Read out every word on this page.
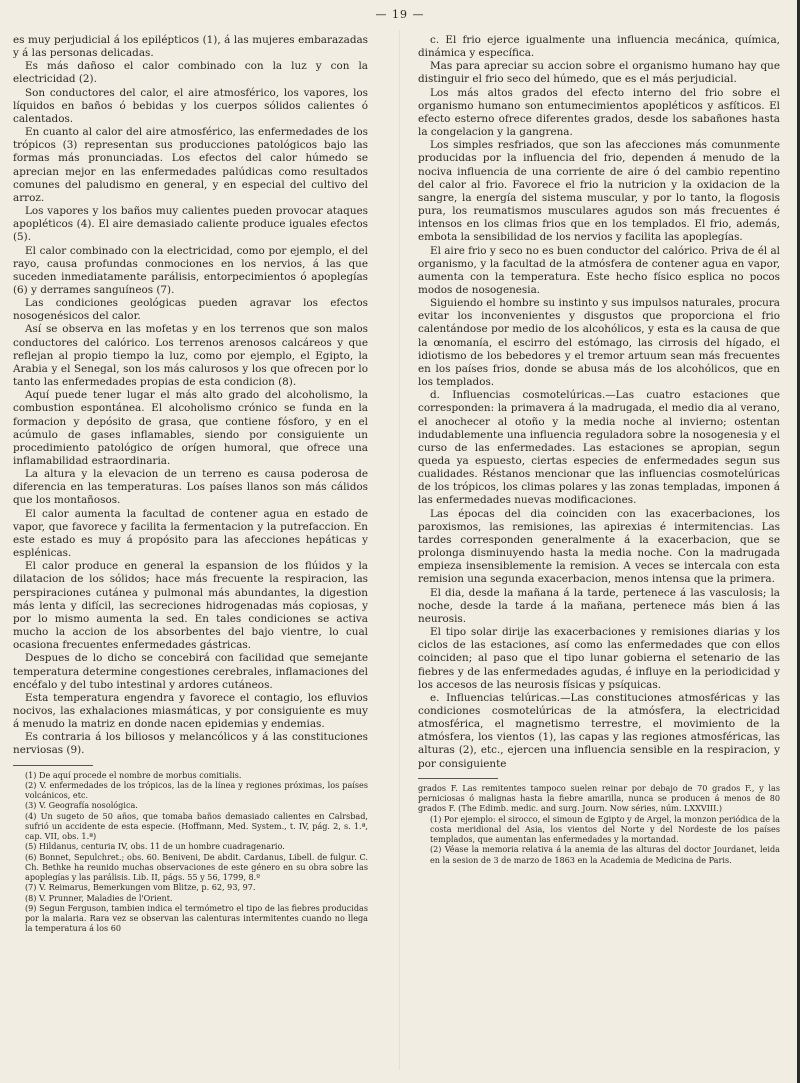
— 19 —

es muy perjudicial á los epilépticos (1), á las mujeres embarazadas y á las personas delicadas.

Es más dañoso el calor combinado con la luz y con la electricidad (2).

Son conductores del calor, el aire atmosférico, los vapores, los líquidos en baños ó bebidas y los cuerpos sólidos calientes ó calentados.

En cuanto al calor del aire atmosférico, las enfermedades de los trópicos (3) representan sus producciones patológicos bajo las formas más pronunciadas. Los efectos del calor húmedo se aprecian mejor en las enfermedades palúdicas como resultados comunes del paludismo en general, y en especial del cultivo del arroz.

Los vapores y los baños muy calientes pueden provocar ataques apopléticos (4). El aire demasiado caliente produce iguales efectos (5).

El calor combinado con la electricidad, como por ejemplo, el del rayo, causa profundas conmociones en los nervios, á las que suceden inmediatamente parálisis, entorpecimientos ó apoplegías (6) y derrames sanguíneos (7).

Las condiciones geológicas pueden agravar los efectos nosogenésicos del calor.

Así se observa en las mofetas y en los terrenos que son malos conductores del calórico. Los terrenos arenosos calcáreos y que reflejan al propio tiempo la luz, como por ejemplo, el Egipto, la Arabia y el Senegal, son los más calurosos y los que ofrecen por lo tanto las enfermedades propias de esta condicion (8).

Aquí puede tener lugar el más alto grado del alcoholismo, la combustion espontánea. El alcoholismo crónico se funda en la formacion y depósito de grasa, que contiene fósforo, y en el acúmulo de gases inflamables, siendo por consiguiente un procedimiento patológico de orígen humoral, que ofrece una inflamabilidad estraordinaria.

La altura y la elevacion de un terreno es causa poderosa de diferencia en las temperaturas. Los países llanos son más cálidos que los montañosos.

El calor aumenta la facultad de contener agua en estado de vapor, que favorece y facilita la fermentacion y la putrefaccion. En este estado es muy á propósito para las afecciones hepáticas y esplénicas.

El calor produce en general la espansion de los flúidos y la dilatacion de los sólidos; hace más frecuente la respiracion, las perspiraciones cutánea y pulmonal más abundantes, la digestion más lenta y difícil, las secreciones hidrogenadas más copiosas, y por lo mismo aumenta la sed. En tales condiciones se activa mucho la accion de los absorbentes del bajo vientre, lo cual ocasiona frecuentes enfermedades gástricas.

Despues de lo dicho se concebirá con facilidad que semejante temperatura determine congestiones cerebrales, inflamaciones del encéfalo y del tubo intestinal y ardores cutáneos.

Esta temperatura engendra y favorece el contagio, los efluvios nocivos, las exhalaciones miasmáticas, y por consiguiente es muy á menudo la matriz en donde nacen epidemias y endemias.

Es contraria á los biliosos y melancólicos y á las constituciones nerviosas (9).

(1) De aquí procede el nombre de morbus comitialis.

(2) V. enfermedades de los trópicos, las de la línea y regiones próximas, los países volcánicos, etc.

(3) V. Geografía nosológica.

(4) Un sugeto de 50 años, que tomaba baños demasiado calientes en Calrsbad, sufrió un accidente de esta especie. (Hoffmann, Med. System., t. IV, pág. 2, s. 1.ª, cap. VII, obs. 1.ª)

(5) Hildanus, centuria IV, obs. 11 de un hombre cuadragenario.

(6) Bonnet, Sepulchret.; obs. 60. Beniveni, De abdit. Cardanus, Libell. de fulgur. C. Ch. Bethke ha reunido muchas observaciones de este género en su obra sobre las apoplegías y las parálisis. Lib. II, págs. 55 y 56, 1799, 8.º

(7) V. Reimarus, Bemerkungen vom Blitze, p. 62, 93, 97.

(8) V. Prunner, Maladies de l'Orient.

(9) Segun Ferguson, tambien indica el termómetro el tipo de las fiebres producidas por la malaria. Rara vez se observan las calenturas intermitentes cuando no llega la temperatura á los 60

c. El frio ejerce igualmente una influencia mecánica, química, dinámica y específica.

Mas para apreciar su accion sobre el organismo humano hay que distinguir el frio seco del húmedo, que es el más perjudicial.

Los más altos grados del efecto interno del frio sobre el organismo humano son entumecimientos apopléticos y asfíticos. El efecto esterno ofrece diferentes grados, desde los sabañones hasta la congelacion y la gangrena.

Los simples resfriados, que son las afecciones más comunmente producidas por la influencia del frio, dependen á menudo de la nociva influencia de una corriente de aire ó del cambio repentino del calor al frio. Favorece el frio la nutricion y la oxidacion de la sangre, la energía del sistema muscular, y por lo tanto, la flogosis pura, los reumatismos musculares agudos son más frecuentes é intensos en los climas frios que en los templados. El frio, además, embota la sensibilidad de los nervios y facilita las apoplegías.

El aire frio y seco no es buen conductor del calórico. Priva de él al organismo, y la facultad de la atmósfera de contener agua en vapor, aumenta con la temperatura. Este hecho físico esplica no pocos modos de nosogenesia.

Siguiendo el hombre su instinto y sus impulsos naturales, procura evitar los inconvenientes y disgustos que proporciona el frio calentándose por medio de los alcohólicos, y esta es la causa de que la œnomanía, el escirro del estómago, las cirrosis del hígado, el idiotismo de los bebedores y el tremor artuum sean más frecuentes en los países frios, donde se abusa más de los alcohólicos, que en los templados.

d. Influencias cosmotelúricas.—Las cuatro estaciones que corresponden: la primavera á la madrugada, el medio dia al verano, el anochecer al otoño y la media noche al invierno; ostentan indudablemente una influencia reguladora sobre la nosogenesia y el curso de las enfermedades. Las estaciones se apropian, segun queda ya espuesto, ciertas especies de enfermedades segun sus cualidades. Réstanos mencionar que las influencias cosmotelúricas de los trópicos, los climas polares y las zonas templadas, imponen á las enfermedades nuevas modificaciones.

Las épocas del dia coinciden con las exacerbaciones, los paroxismos, las remisiones, las apirexias é intermitencias. Las tardes corresponden generalmente á la exacerbacion, que se prolonga disminuyendo hasta la media noche. Con la madrugada empieza insensiblemente la remision. A veces se intercala con esta remision una segunda exacerbacion, menos intensa que la primera.

El dia, desde la mañana á la tarde, pertenece á las vasculosis; la noche, desde la tarde á la mañana, pertenece más bien á las neurosis.

El tipo solar dirije las exacerbaciones y remisiones diarias y los ciclos de las estaciones, así como las enfermedades que con ellos coinciden; al paso que el tipo lunar gobierna el setenario de las fiebres y de las enfermedades agudas, é influye en la periodicidad y los accesos de las neurosis físicas y psíquicas.

e. Influencias telúricas.—Las constituciones atmosféricas y las condiciones cosmotelúricas de la atmósfera, la electricidad atmosférica, el magnetismo terrestre, el movimiento de la atmósfera, los vientos (1), las capas y las regiones atmosféricas, las alturas (2), etc., ejercen una influencia sensible en la respiracion, y por consiguiente

grados F. Las remitentes tampoco suelen reinar por debajo de 70 grados F., y las perniciosas ó malignas hasta la fiebre amarilla, nunca se producen á menos de 80 grados F. (The Edimb. medic. and surg. Journ. Now séries, núm. LXXVIII.)

(1) Por ejemplo: el sirocco, el simoun de Egipto y de Argel, la monzon periódica de la costa meridional del Asia, los vientos del Norte y del Nordeste de los países templados, que aumentan las enfermedades y la mortandad.

(2) Véase la memoria relativa á la anemia de las alturas del doctor Jourdanet, leida en la sesion de 3 de marzo de 1863 en la Academia de Medicina de Paris.
